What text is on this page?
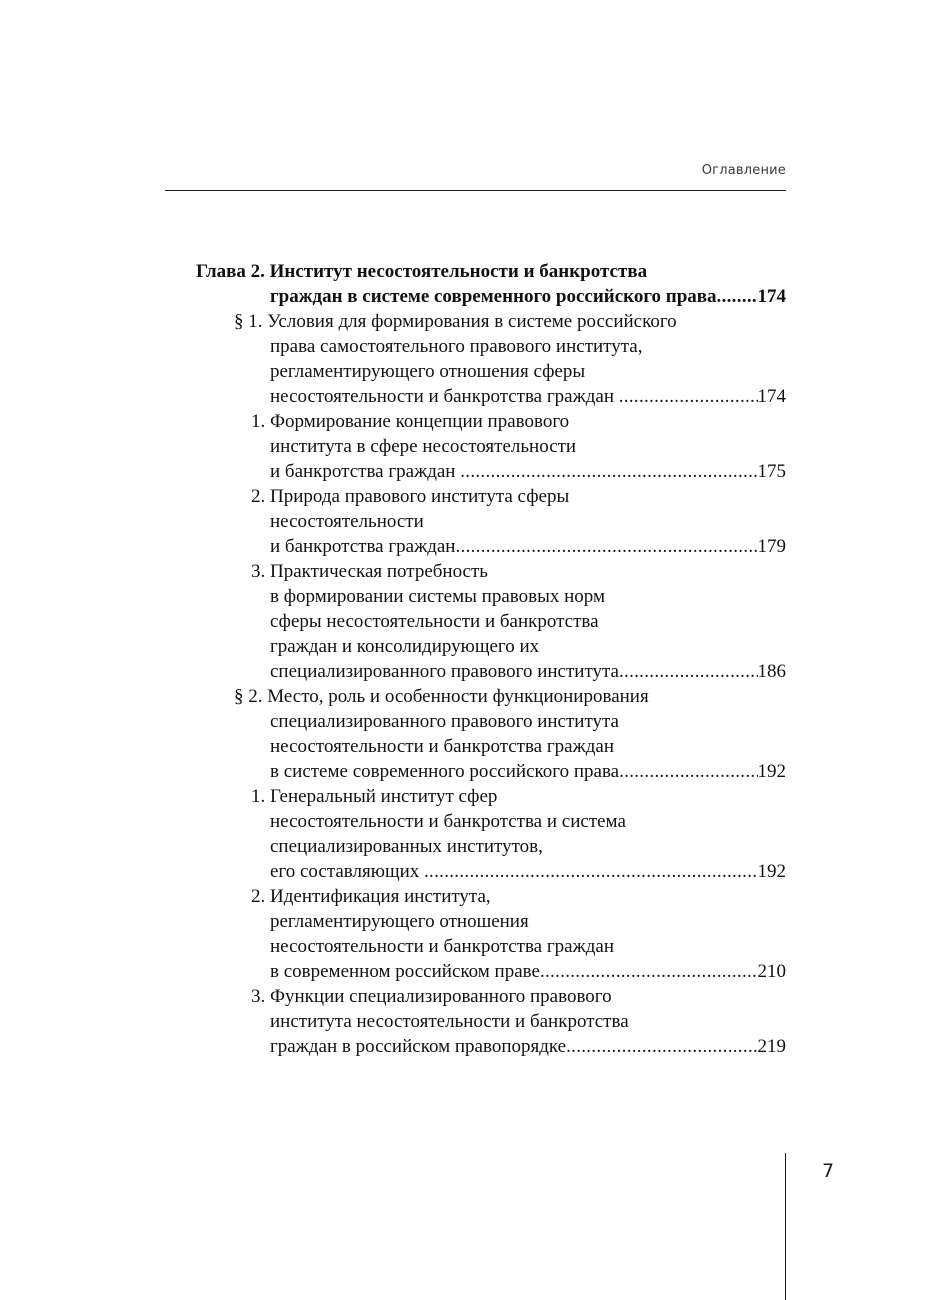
Оглавление
Глава 2. Институт несостоятельности и банкротства
граждан в системе современного российского права ..... 174
§ 1. Условия для формирования в системе российского
права самостоятельного правового института,
регламентирующего отношения сферы
несостоятельности и банкротства граждан .....	174
1. Формирование концепции правового
института в сфере несостоятельности
и банкротства граждан .....	175
2. Природа правового института сферы
несостоятельности
и банкротства граждан .....	179
3. Практическая потребность
в формировании системы правовых норм
сферы несостоятельности и банкротства
граждан и консолидирующего их
специализированного правового института .....	186
§ 2. Место, роль и особенности функционирования
специализированного правового института
несостоятельности и банкротства граждан
в системе современного российского права .....	192
1. Генеральный институт сфер
несостоятельности и банкротства и система
специализированных институтов,
его составляющих .....	192
2. Идентификация института,
регламентирующего отношения
несостоятельности и банкротства граждан
в современном российском праве .....	210
3. Функции специализированного правового
института несостоятельности и банкротства
граждан в российском правопорядке .....	219
7
